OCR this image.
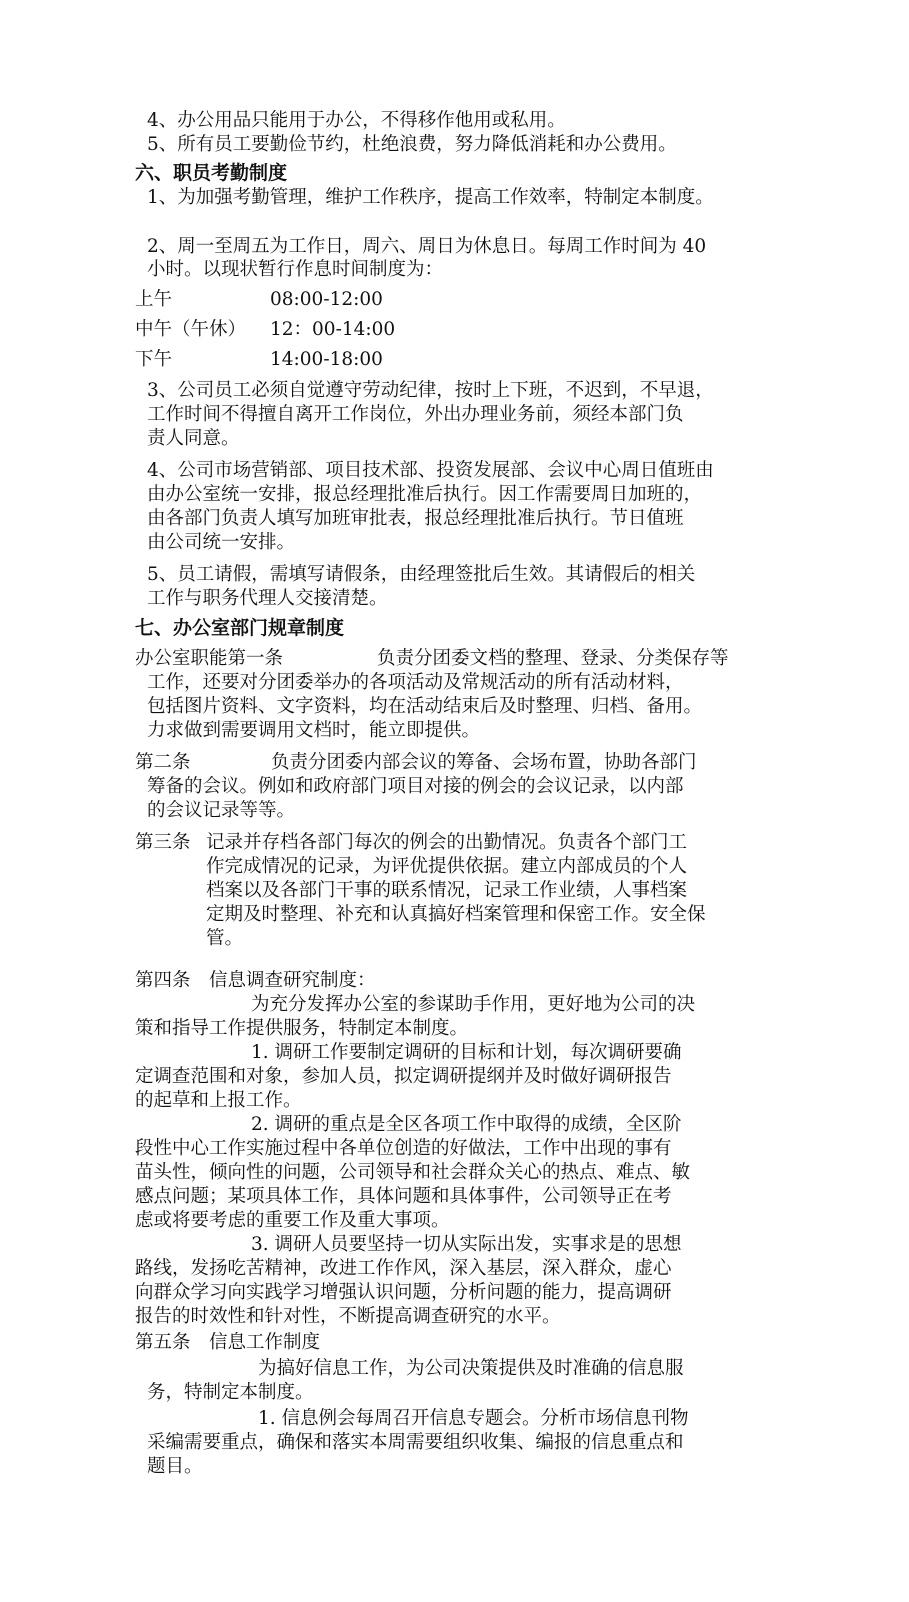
4、办公用品只能用于办公，不得移作他用或私用。
5、所有员工要勤俭节约，杜绝浪费，努力降低消耗和办公费用。
六、职员考勤制度
1、为加强考勤管理，维护工作秩序，提高工作效率，特制定本制度。
2、周一至周五为工作日，周六、周日为休息日。每周工作时间为 40
小时。以现状暂行作息时间制度为：
上午	08:00-12:00
中午（午休） 12：00-14:00
下午	14:00-18:00
3、公司员工必须自觉遵守劳动纪律，按时上下班，不迟到，不早退，
工作时间不得擅自离开工作岗位，外出办理业务前，须经本部门负
责人同意。
4、公司市场营销部、项目技术部、投资发展部、会议中心周日值班由
由办公室统一安排，报总经理批准后执行。因工作需要周日加班的，
由各部门负责人填写加班审批表，报总经理批准后执行。节日值班
由公司统一安排。
5、员工请假，需填写请假条，由经理签批后生效。其请假后的相关
工作与职务代理人交接清楚。
七、办公室部门规章制度
办公室职能第一条	负责分团委文档的整理、登录、分类保存等
工作，还要对分团委举办的各项活动及常规活动的所有活动材料，
包括图片资料、文字资料，均在活动结束后及时整理、归档、备用。
力求做到需要调用文档时，能立即提供。
第二条	负责分团委内部会议的筹备、会场布置，协助各部门
筹备的会议。例如和政府部门项目对接的例会的会议记录，以内部
的会议记录等等。
第三条 记录并存档各部门每次的例会的出勤情况。负责各个部门工
作完成情况的记录，为评优提供依据。建立内部成员的个人
档案以及各部门干事的联系情况，记录工作业绩，人事档案
定期及时整理、补充和认真搞好档案管理和保密工作。安全保
管。
第四条　信息调查研究制度：
为充分发挥办公室的参谋助手作用，更好地为公司的决
策和指导工作提供服务，特制定本制度。
1. 调研工作要制定调研的目标和计划，每次调研要确
定调查范围和对象，参加人员，拟定调研提纲并及时做好调研报告
的起草和上报工作。
2. 调研的重点是全区各项工作中取得的成绩，全区阶
段性中心工作实施过程中各单位创造的好做法，工作中出现的事有
苗头性，倾向性的问题，公司领导和社会群众关心的热点、难点、敏
感点问题；某项具体工作，具体问题和具体事件，公司领导正在考
虑或将要考虑的重要工作及重大事项。
3. 调研人员要坚持一切从实际出发，实事求是的思想
路线，发扬吃苦精神，改进工作作风，深入基层，深入群众，虚心
向群众学习向实践学习增强认识问题，分析问题的能力，提高调研
报告的时效性和针对性，不断提高调查研究的水平。
第五条　信息工作制度
为搞好信息工作，为公司决策提供及时准确的信息服
务，特制定本制度。
1. 信息例会每周召开信息专题会。分析市场信息刊物
采编需要重点，确保和落实本周需要组织收集、编报的信息重点和
题目。
